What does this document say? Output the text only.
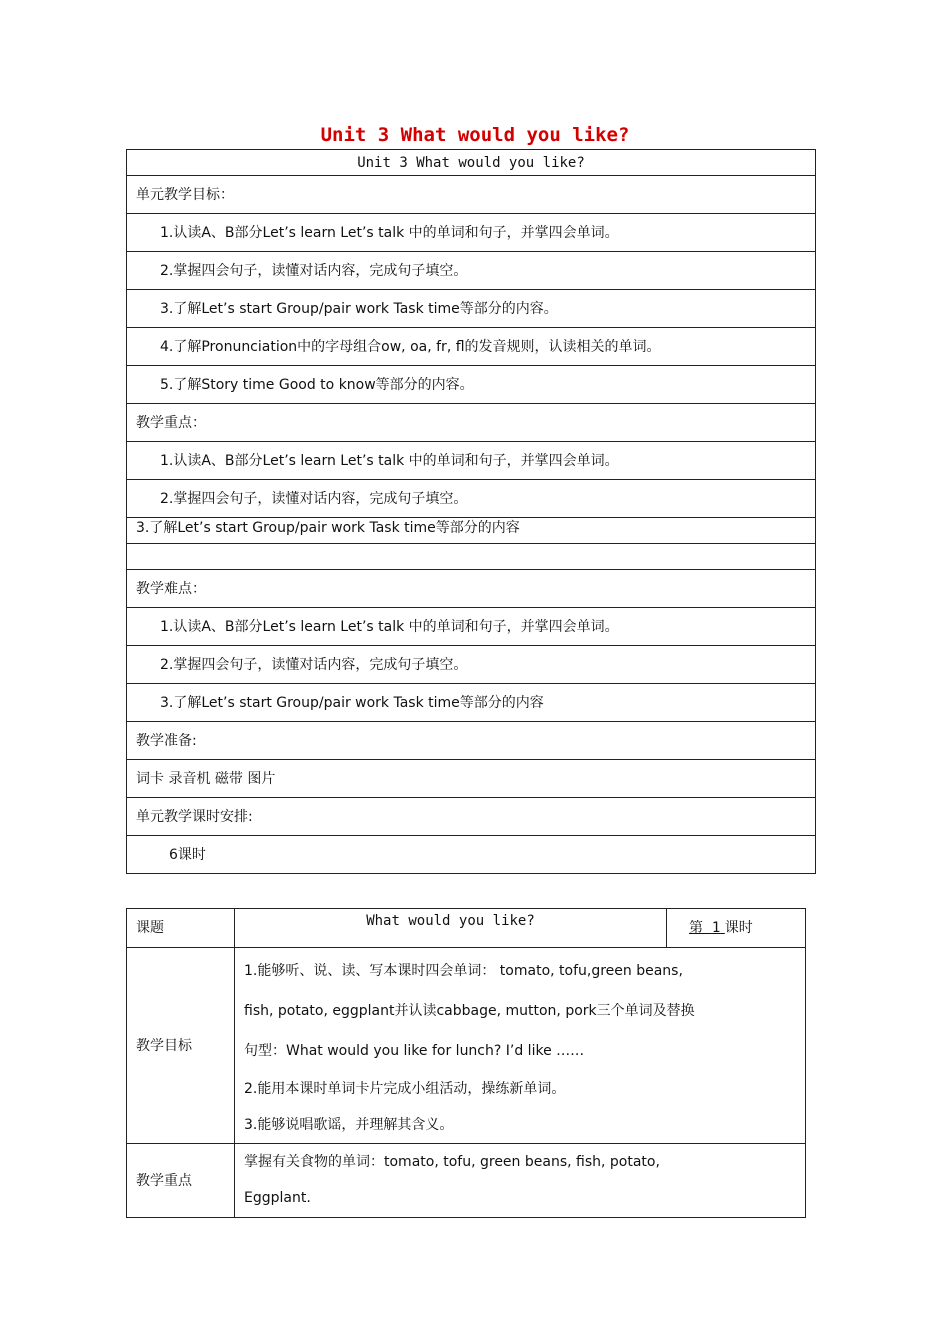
Unit 3 What would you like?
Unit 3 What would you like?
单元教学目标：
1.认读A、B部分Let’s learn Let’s talk 中的单词和句子，并掌四会单词。
2.掌握四会句子，读懂对话内容，完成句子填空。
3.了解Let’s start Group/pair work Task time等部分的内容。
4.了解Pronunciation中的字母组合ow, oa, fr, fl的发音规则，认读相关的单词。
5.了解Story time Good to know等部分的内容。
教学重点：
1.认读A、B部分Let’s learn Let’s talk 中的单词和句子，并掌四会单词。
2.掌握四会句子，读懂对话内容，完成句子填空。
3.了解Let’s start Group/pair work Task time等部分的内容

教学难点：
1.认读A、B部分Let’s learn Let’s talk 中的单词和句子，并掌四会单词。
2.掌握四会句子，读懂对话内容，完成句子填空。
3.了解Let’s start Group/pair work Task time等部分的内容
教学准备:
词卡 录音机 磁带 图片
单元教学课时安排:
6课时
课题	What would you like?	第 1 课时
教学目标	1.能够听、说、读、写本课时四会单词： tomato, tofu,green beans,

fish, potato, eggplant并认读cabbage, mutton, pork三个单词及替换

句型：What would you like for lunch? I’d like ……

2.能用本课时单词卡片完成小组活动，操练新单词。

3.能够说唱歌谣，并理解其含义。	

教学重点	掌握有关食物的单词：tomato, tofu, green beans, fish, potato,

Eggplant.	
